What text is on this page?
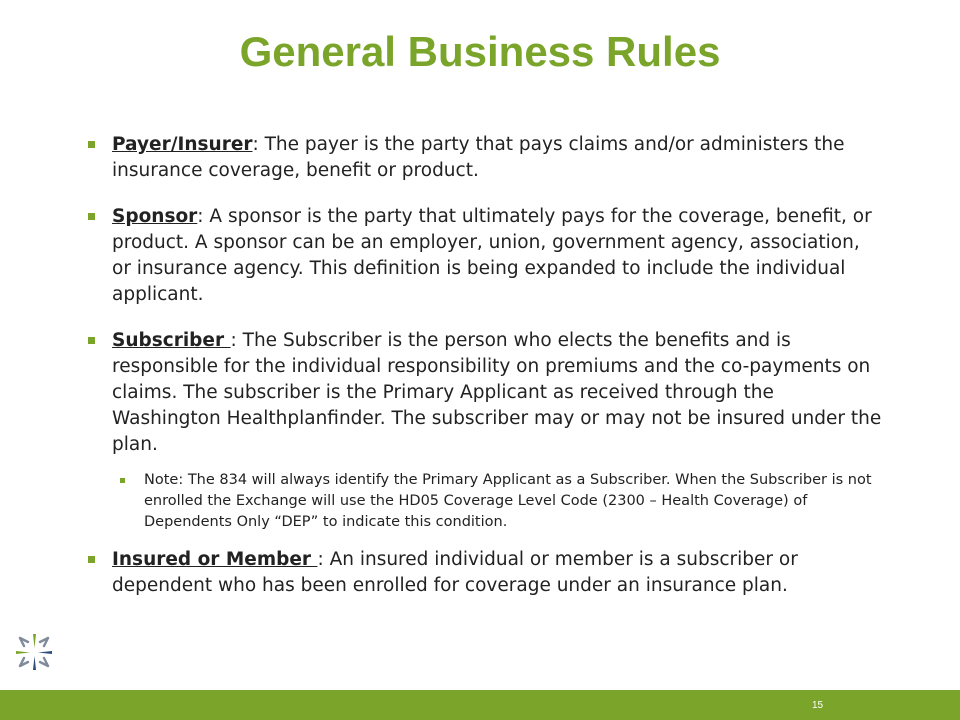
General Business Rules
Payer/Insurer: The payer is the party that pays claims and/or administers the insurance coverage, benefit or product.
Sponsor: A sponsor is the party that ultimately pays for the coverage, benefit, or product. A sponsor can be an employer, union, government agency, association, or insurance agency. This definition is being expanded to include the individual applicant.
Subscriber : The Subscriber is the person who elects the benefits and is responsible for the individual responsibility on premiums and the co-payments on claims. The subscriber is the Primary Applicant as received through the Washington Healthplanfinder. The subscriber may or may not be insured under the plan.
Note: The 834 will always identify the Primary Applicant as a Subscriber. When the Subscriber is not enrolled the Exchange will use the HD05 Coverage Level Code (2300 – Health Coverage) of Dependents Only “DEP” to indicate this condition.
Insured or Member : An insured individual or member is a subscriber or dependent who has been enrolled for coverage under an insurance plan.
15
